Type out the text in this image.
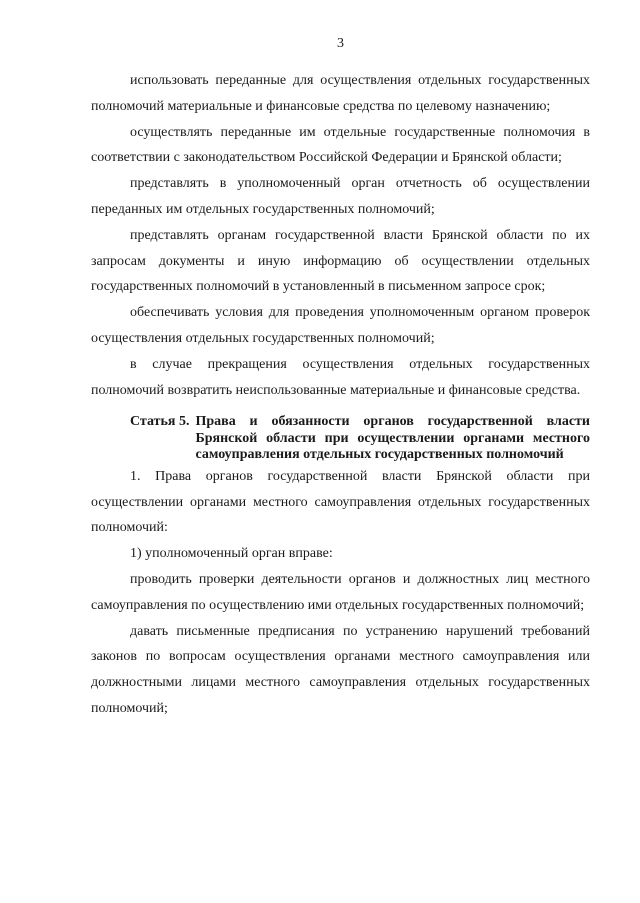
3

использовать переданные для осуществления отдельных государственных полномочий материальные и финансовые средства по целевому назначению;

осуществлять переданные им отдельные государственные полномочия в соответствии с законодательством Российской Федерации и Брянской области;

представлять в уполномоченный орган отчетность об осуществлении переданных им отдельных государственных полномочий;

представлять органам государственной власти Брянской области по их запросам документы и иную информацию об осуществлении отдельных государственных полномочий в установленный в письменном запросе срок;

обеспечивать условия для проведения уполномоченным органом проверок осуществления отдельных государственных полномочий;

в случае прекращения осуществления отдельных государственных полномочий возвратить неиспользованные материальные и финансовые средства.

Статья 5. Права и обязанности органов государственной власти Брянской области при осуществлении органами местного самоуправления отдельных государственных полномочий

1. Права органов государственной власти Брянской области при осуществлении органами местного самоуправления отдельных государственных полномочий:

1) уполномоченный орган вправе:

проводить проверки деятельности органов и должностных лиц местного самоуправления по осуществлению ими отдельных государственных полномочий;

давать письменные предписания по устранению нарушений требований законов по вопросам осуществления органами местного самоуправления или должностными лицами местного самоуправления отдельных государственных полномочий;
